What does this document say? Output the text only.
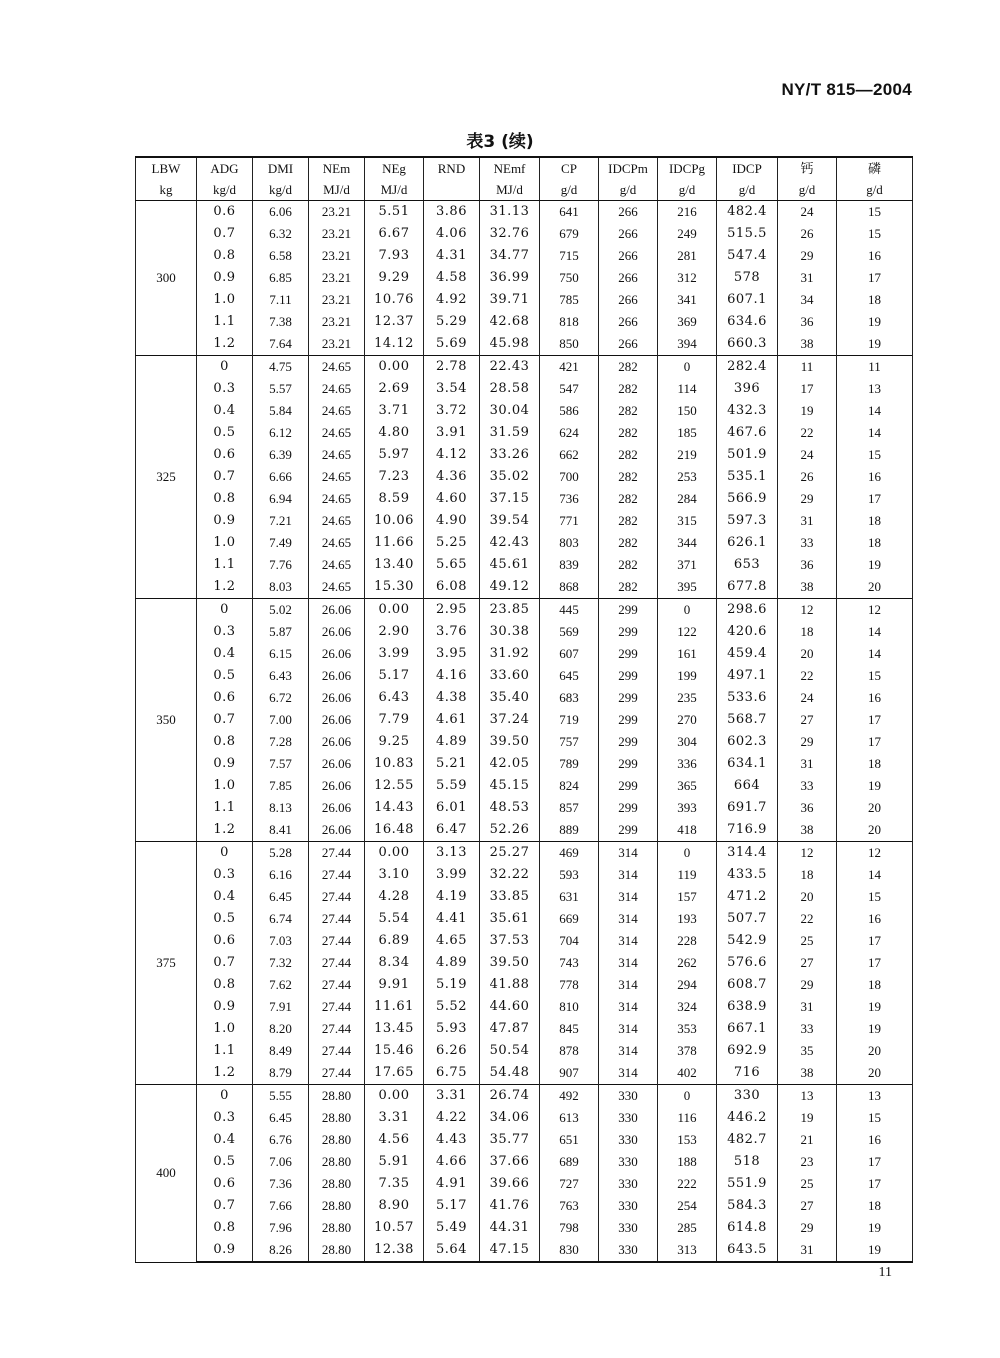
NY/T 815—2004
表3 (续)
LBW	ADG	DMI	NEm	NEg	RND	NEmf	CP	IDCPm	IDCPg	IDCP	钙	磷
kg	kg/d	kg/d	MJ/d	MJ/d		MJ/d	g/d	g/d	g/d	g/d	g/d	g/d
300	0.6	6.06	23.21	5.51	3.86	31.13	641	266	216	482.4	24	15
	0.7	6.32	23.21	6.67	4.06	32.76	679	266	249	515.5	26	15
	0.8	6.58	23.21	7.93	4.31	34.77	715	266	281	547.4	29	16
	0.9	6.85	23.21	9.29	4.58	36.99	750	266	312	578	31	17
	1.0	7.11	23.21	10.76	4.92	39.71	785	266	341	607.1	34	18
	1.1	7.38	23.21	12.37	5.29	42.68	818	266	369	634.6	36	19
	1.2	7.64	23.21	14.12	5.69	45.98	850	266	394	660.3	38	19
325	0	4.75	24.65	0.00	2.78	22.43	421	282	0	282.4	11	11
	0.3	5.57	24.65	2.69	3.54	28.58	547	282	114	396	17	13
	0.4	5.84	24.65	3.71	3.72	30.04	586	282	150	432.3	19	14
	0.5	6.12	24.65	4.80	3.91	31.59	624	282	185	467.6	22	14
	0.6	6.39	24.65	5.97	4.12	33.26	662	282	219	501.9	24	15
	0.7	6.66	24.65	7.23	4.36	35.02	700	282	253	535.1	26	16
	0.8	6.94	24.65	8.59	4.60	37.15	736	282	284	566.9	29	17
	0.9	7.21	24.65	10.06	4.90	39.54	771	282	315	597.3	31	18
	1.0	7.49	24.65	11.66	5.25	42.43	803	282	344	626.1	33	18
	1.1	7.76	24.65	13.40	5.65	45.61	839	282	371	653	36	19
	1.2	8.03	24.65	15.30	6.08	49.12	868	282	395	677.8	38	20
350	0	5.02	26.06	0.00	2.95	23.85	445	299	0	298.6	12	12
	0.3	5.87	26.06	2.90	3.76	30.38	569	299	122	420.6	18	14
	0.4	6.15	26.06	3.99	3.95	31.92	607	299	161	459.4	20	14
	0.5	6.43	26.06	5.17	4.16	33.60	645	299	199	497.1	22	15
	0.6	6.72	26.06	6.43	4.38	35.40	683	299	235	533.6	24	16
	0.7	7.00	26.06	7.79	4.61	37.24	719	299	270	568.7	27	17
	0.8	7.28	26.06	9.25	4.89	39.50	757	299	304	602.3	29	17
	0.9	7.57	26.06	10.83	5.21	42.05	789	299	336	634.1	31	18
	1.0	7.85	26.06	12.55	5.59	45.15	824	299	365	664	33	19
	1.1	8.13	26.06	14.43	6.01	48.53	857	299	393	691.7	36	20
	1.2	8.41	26.06	16.48	6.47	52.26	889	299	418	716.9	38	20
375	0	5.28	27.44	0.00	3.13	25.27	469	314	0	314.4	12	12
	0.3	6.16	27.44	3.10	3.99	32.22	593	314	119	433.5	18	14
	0.4	6.45	27.44	4.28	4.19	33.85	631	314	157	471.2	20	15
	0.5	6.74	27.44	5.54	4.41	35.61	669	314	193	507.7	22	16
	0.6	7.03	27.44	6.89	4.65	37.53	704	314	228	542.9	25	17
	0.7	7.32	27.44	8.34	4.89	39.50	743	314	262	576.6	27	17
	0.8	7.62	27.44	9.91	5.19	41.88	778	314	294	608.7	29	18
	0.9	7.91	27.44	11.61	5.52	44.60	810	314	324	638.9	31	19
	1.0	8.20	27.44	13.45	5.93	47.87	845	314	353	667.1	33	19
	1.1	8.49	27.44	15.46	6.26	50.54	878	314	378	692.9	35	20
	1.2	8.79	27.44	17.65	6.75	54.48	907	314	402	716	38	20
400	0	5.55	28.80	0.00	3.31	26.74	492	330	0	330	13	13
	0.3	6.45	28.80	3.31	4.22	34.06	613	330	116	446.2	19	15
	0.4	6.76	28.80	4.56	4.43	35.77	651	330	153	482.7	21	16
	0.5	7.06	28.80	5.91	4.66	37.66	689	330	188	518	23	17
	0.6	7.36	28.80	7.35	4.91	39.66	727	330	222	551.9	25	17
	0.7	7.66	28.80	8.90	5.17	41.76	763	330	254	584.3	27	18
	0.8	7.96	28.80	10.57	5.49	44.31	798	330	285	614.8	29	19
	0.9	8.26	28.80	12.38	5.64	47.15	830	330	313	643.5	31	19
11
